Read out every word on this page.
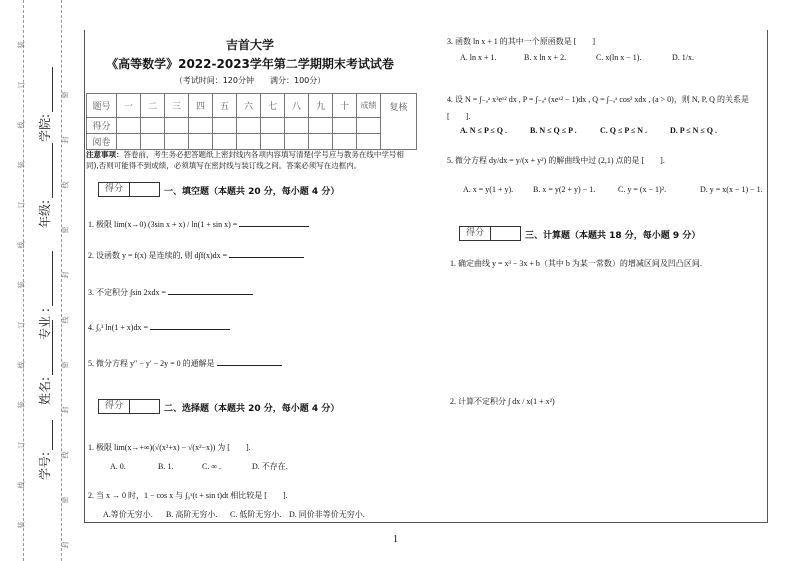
装
线
订
装
线
订
装
线
订
装
线
订
装
封
密
线
封
密
线
封
密
线
封
密
学院:
年级:
专业 :
姓名:
学号:
吉首大学
《高等数学》2022-2023学年第二学期期末考试试卷
（考试时间：120分钟　　满分：100分）
题号	一	二	三	四	五	六	七	八	九	十	成绩	复核
得分												
阅卷												
注意事项：答卷前，考生务必把答题纸上密封线内各项内容填写清楚(学号应与教务在线中学号相同),否则可能得不到成绩，必须填写在密封线与装订线之间。答案必须写在边框内。
得分	一、填空题（本题共 20 分，每小题 4 分）
1. 极限 lim(x→0) (3sin x + x) / ln(1 + sin x) =
2. 设函数 y = f(x) 是连续的, 则 d∫f(x)dx =
3. 不定积分 ∫sin 2xdx =
4. ∫₀¹ ln(1 + x)dx =
5. 微分方程 y″ − y′ − 2y = 0 的通解是
得分	二、选择题（本题共 20 分，每小题 4 分）
1. 极限 lim(x→+∞)(√(x²+x) − √(x²−x)) 为 [　　].
A. 0.	B. 1.	C. ∞ .	D. 不存在.
2. 当 x → 0 时，1 − cos x 与 ∫₀ˣ(t + sin t)dt 相比较是 [　　].
A.等价无穷小. B. 高阶无穷小. C. 低阶无穷小. D. 同价非等价无穷小.
3. 函数 ln x + 1 的其中一个原函数是 [　　]
A. ln x + 1.	B. x ln x + 2.	C. x(ln x − 1).	D. 1/x.
4. 设 N = ∫₋ₐᵃ x³eˣ² dx , P = ∫₋ₐᵃ (xeˣ² − 1)dx , Q = ∫₋ₐᵃ cos² xdx , (a > 0)，则 N, P, Q 的关系是 [　　].
A. N ≤ P ≤ Q .	B. N ≤ Q ≤ P .	C. Q ≤ P ≤ N .	D. P ≤ N ≤ Q .
5. 微分方程 dy/dx = y/(x + y²) 的解曲线中过 (2,1) 点的是 [　　].
A. x = y(1 + y). B. x = y(2 + y) − 1.	C. y = (x − 1)².	D. y = x(x − 1) − 1.
得分	三、计算题（本题共 18 分，每小题 9 分）
1. 确定曲线 y = x³ − 3x + b（其中 b 为某一常数）的增减区间及凹凸区间.
2. 计算不定积分 ∫ dx / x(1 + x²)
1
